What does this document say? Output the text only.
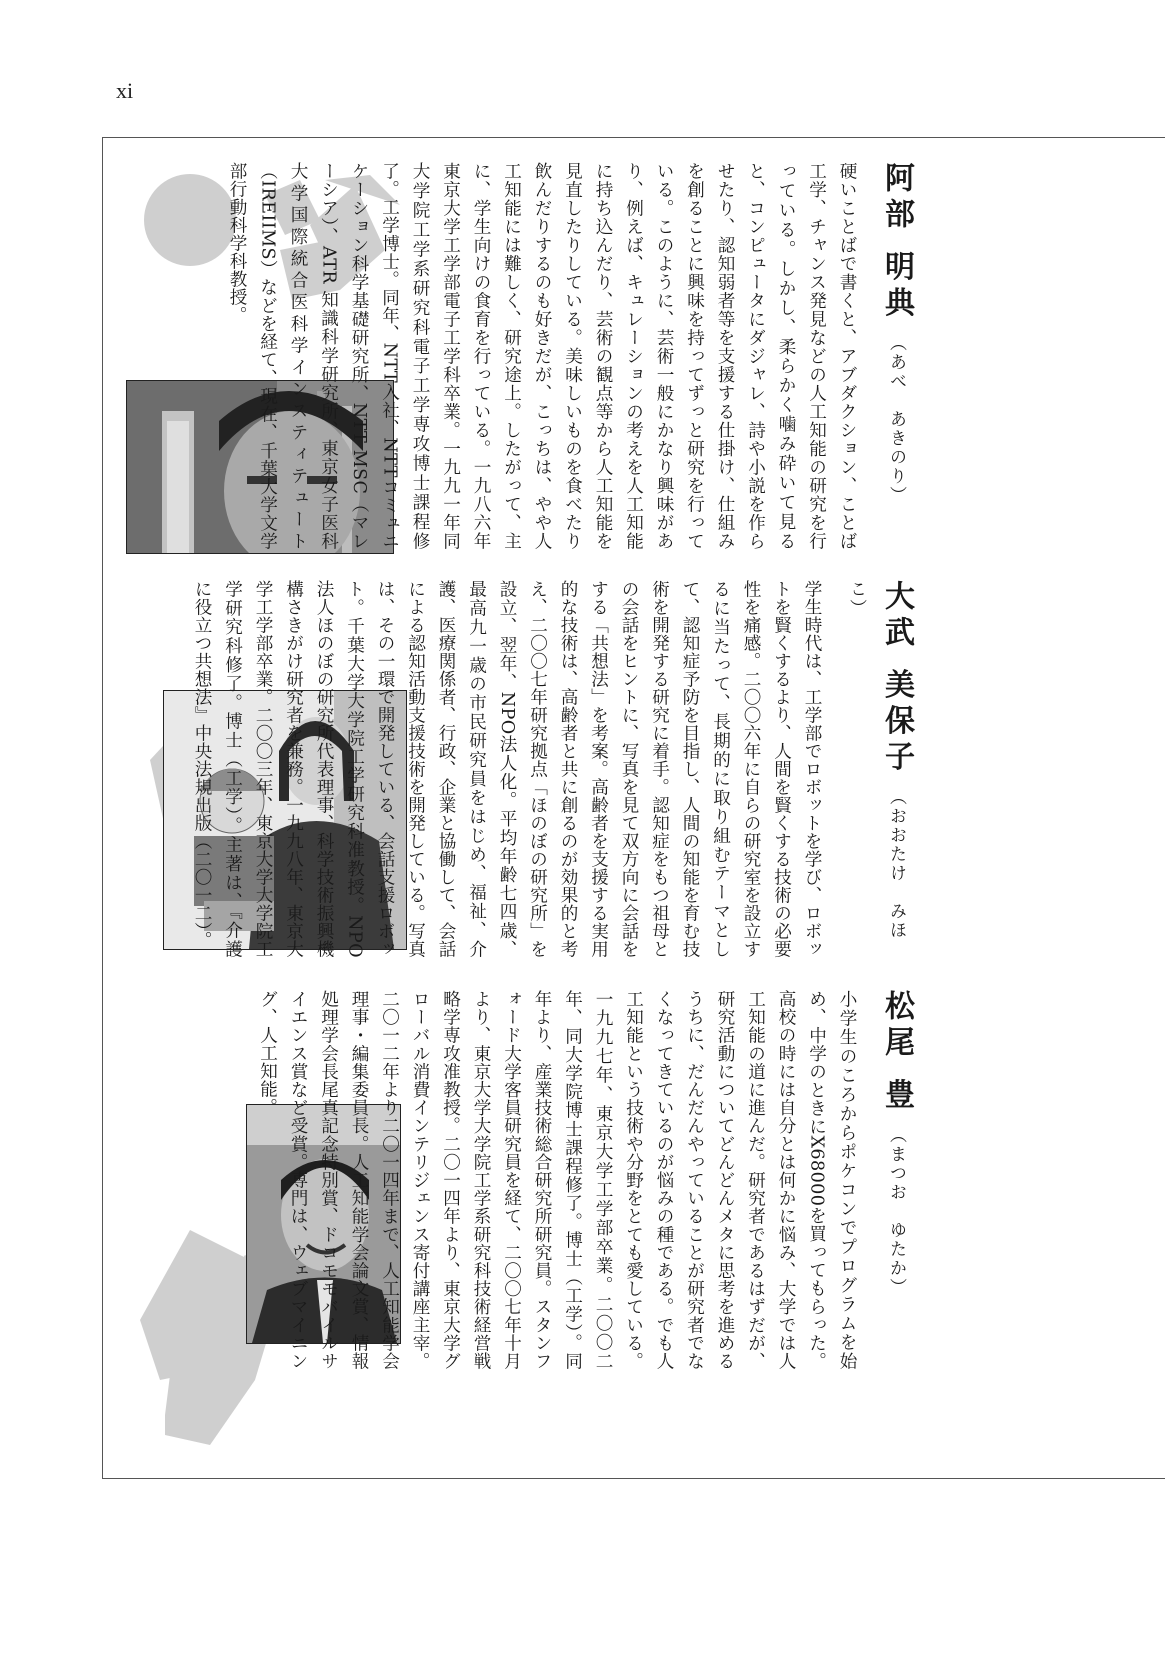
xi
阿部 明典（あべ　あきのり）
硬いことばで書くと、アブダクション、ことば工学、チャンス発見などの人工知能の研究を行っている。しかし、柔らかく噛み砕いて見ると、コンピュータにダジャレ、詩や小説を作らせたり、認知弱者等を支援する仕掛け、仕組みを創ることに興味を持ってずっと研究を行っている。このように、芸術一般にかなり興味があり、例えば、キュレーションの考えを人工知能に持ち込んだり、芸術の観点等から人工知能を見直したりしている。美味しいものを食べたり飲んだりするのも好きだが、こっちは、やや人工知能には難しく、研究途上。したがって、主に、学生向けの食育を行っている。一九八六年東京大学工学部電子工学科卒業。一九九一年同大学院工学系研究科電子工学専攻博士課程修了。工学博士。同年、NTT入社、NTTコミュニケーション科学基礎研究所、NTT MSC（マレーシア）、ATR 知識科学研究所、東京女子医科大学国際統合医科学インスティテュート（IREIIMS）などを経て、現在、千葉大学文学部行動科学科教授。
大武 美保子（おおたけ　みほこ）
学生時代は、工学部でロボットを学び、ロボットを賢くするより、人間を賢くする技術の必要性を痛感。二〇〇六年に自らの研究室を設立するに当たって、長期的に取り組むテーマとして、認知症予防を目指し、人間の知能を育む技術を開発する研究に着手。認知症をもつ祖母との会話をヒントに、写真を見て双方向に会話をする「共想法」を考案。高齢者を支援する実用的な技術は、高齢者と共に創るのが効果的と考え、二〇〇七年研究拠点「ほのぼの研究所」を設立、翌年、NPO法人化。平均年齢七四歳、最高九一歳の市民研究員をはじめ、福祉、介護、医療関係者、行政、企業と協働して、会話による認知活動支援技術を開発している。写真は、その一環で開発している、会話支援ロボット。千葉大学大学院工学研究科准教授。NPO法人ほのぼの研究所代表理事、科学技術振興機構さきがけ研究者を兼務。一九九八年、東京大学工学部卒業。二〇〇三年、東京大学大学院工学研究科修了。博士（工学）。主著は、『介護に役立つ共想法』中央法規出版（二〇一二）。
松尾 豊（まつお　ゆたか）
小学生のころからポケコンでプログラムを始め、中学のときにX68000を買ってもらった。高校の時には自分とは何かに悩み、大学では人工知能の道に進んだ。研究者であるはずだが、研究活動についてどんどんメタに思考を進めるうちに、だんだんやっていることが研究者でなくなってきているのが悩みの種である。でも人工知能という技術や分野をとても愛している。一九九七年、東京大学工学部卒業。二〇〇二年、同大学院博士課程修了。博士（工学）。同年より、産業技術総合研究所研究員。スタンフォード大学客員研究員を経て、二〇〇七年十月より、東京大学大学院工学系研究科技術経営戦略学専攻准教授。二〇一四年より、東京大学グローバル消費インテリジェンス寄付講座主宰。二〇一二年より二〇一四年まで、人工知能学会理事・編集委員長。人工知能学会論文賞、情報処理学会長尾真記念特別賞、ドコモモバイルサイエンス賞など受賞。専門は、ウェブマイニング、人工知能。
